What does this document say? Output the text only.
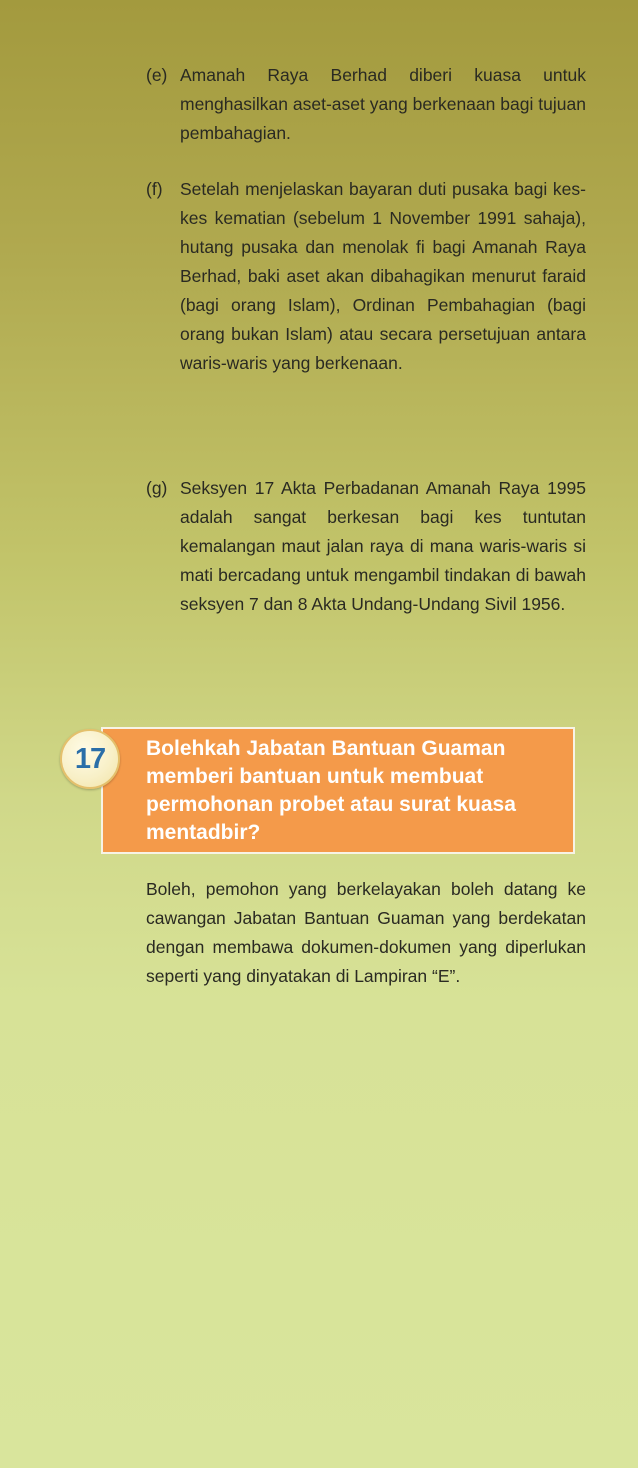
(e) Amanah Raya Berhad diberi kuasa untuk menghasilkan aset-aset yang berkenaan bagi tujuan pembahagian.
(f) Setelah menjelaskan bayaran duti pusaka bagi kes-kes kematian (sebelum 1 November 1991 sahaja), hutang pusaka dan menolak fi bagi Amanah Raya Berhad, baki aset akan dibahagikan menurut faraid (bagi orang Islam), Ordinan Pembahagian (bagi orang bukan Islam) atau secara persetujuan antara waris-waris yang berkenaan.
(g) Seksyen 17 Akta Perbadanan Amanah Raya 1995 adalah sangat berkesan bagi kes tuntutan kemalangan maut jalan raya di mana waris-waris si mati bercadang untuk mengambil tindakan di bawah seksyen 7 dan 8 Akta Undang-Undang Sivil 1956.
Bolehkah Jabatan Bantuan Guaman memberi bantuan untuk membuat permohonan probet atau surat kuasa mentadbir?
17
Boleh, pemohon yang berkelayakan boleh datang ke cawangan Jabatan Bantuan Guaman yang berdekatan dengan membawa dokumen-dokumen yang diperlukan seperti yang dinyatakan di Lampiran “E”.
